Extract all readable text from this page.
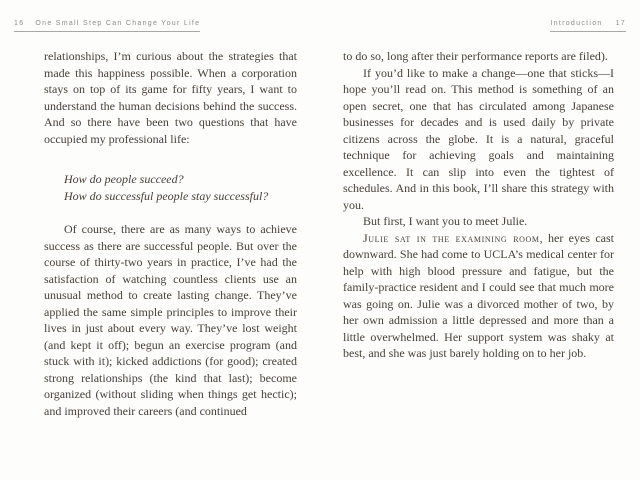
16 One Small Step Can Change Your Life

relationships, I’m curious about the strategies that made this happiness possible. When a corporation stays on top of its game for fifty years, I want to understand the human decisions behind the success. And so there have been two questions that have occupied my professional life:

How do people succeed?
How do successful people stay successful?

Of course, there are as many ways to achieve success as there are successful people. But over the course of thirty-two years in practice, I’ve had the satisfaction of watching countless clients use an unusual method to create lasting change. They’ve applied the same simple principles to improve their lives in just about every way. They’ve lost weight (and kept it off); begun an exercise program (and stuck with it); kicked addictions (for good); created strong relationships (the kind that last); become organized (without sliding when things get hectic); and improved their careers (and continued

Introduction 17

to do so, long after their performance reports are filed).

If you’d like to make a change—one that sticks—I hope you’ll read on. This method is something of an open secret, one that has circulated among Japanese businesses for decades and is used daily by private citizens across the globe. It is a natural, graceful technique for achieving goals and maintaining excellence. It can slip into even the tightest of schedules. And in this book, I’ll share this strategy with you.

But first, I want you to meet Julie.

Julie sat in the examining room, her eyes cast downward. She had come to UCLA’s medical center for help with high blood pressure and fatigue, but the family-practice resident and I could see that much more was going on. Julie was a divorced mother of two, by her own admission a little depressed and more than a little overwhelmed. Her support system was shaky at best, and she was just barely holding on to her job.
